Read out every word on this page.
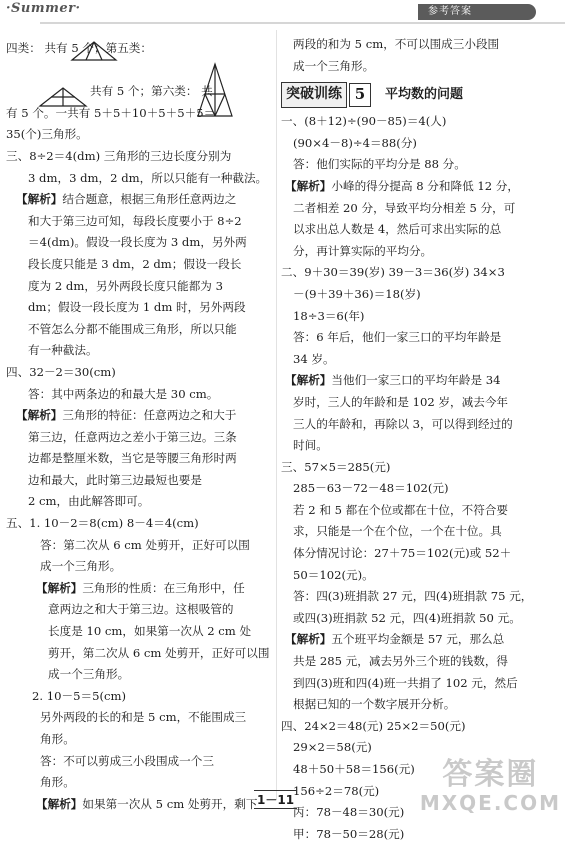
·Summer·	参考答案
四类： 共有 5 个；第五类：
共有 5 个；第六类： 共
有 5 个。一共有 5＋5＋10＋5＋5＋5＝
35(个)三角形。
三、8÷2＝4(dm) 三角形的三边长度分别为
3 dm，3 dm，2 dm，所以只能有一种截法。
【解析】结合题意，根据三角形任意两边之
和大于第三边可知，每段长度要小于 8÷2
＝4(dm)。假设一段长度为 3 dm，另外两
段长度只能是 3 dm，2 dm；假设一段长
度为 2 dm，另外两段长度只能都为 3
dm；假设一段长度为 1 dm 时，另外两段
不管怎么分都不能围成三角形，所以只能
有一种截法。
四、32－2＝30(cm)
答：其中两条边的和最大是 30 cm。
【解析】三角形的特征：任意两边之和大于
第三边，任意两边之差小于第三边。三条
边都是整厘米数，当它是等腰三角形时两
边和最大，此时第三边最短也要是
2 cm，由此解答即可。
五、1. 10－2＝8(cm) 8－4＝4(cm)
答：第二次从 6 cm 处剪开，正好可以围
成一个三角形。
【解析】三角形的性质：在三角形中，任
意两边之和大于第三边。这根吸管的
长度是 10 cm，如果第一次从 2 cm 处
剪开，第二次从 6 cm 处剪开，正好可以围
成一个三角形。
2. 10－5＝5(cm)
另外两段的长的和是 5 cm，不能围成三
角形。
答：不可以剪成三小段围成一个三
角形。
【解析】如果第一次从 5 cm 处剪开，剩下
两段的和为 5 cm，不可以围成三小段围
成一个三角形。
突破训练 5	平均数的问题
一、(8＋12)÷(90－85)＝4(人)
(90×4－8)÷4＝88(分)
答：他们实际的平均分是 88 分。
【解析】小峰的得分提高 8 分和降低 12 分，
二者相差 20 分，导致平均分相差 5 分，可
以求出总人数是 4，然后可求出实际的总
分，再计算实际的平均分。
二、9＋30＝39(岁) 39－3＝36(岁) 34×3
－(9＋39＋36)＝18(岁)
18÷3＝6(年)
答：6 年后，他们一家三口的平均年龄是
34 岁。
【解析】当他们一家三口的平均年龄是 34
岁时，三人的年龄和是 102 岁，减去今年
三人的年龄和，再除以 3，可以得到经过的
时间。
三、57×5＝285(元)
285－63－72－48＝102(元)
若 2 和 5 都在个位或都在十位，不符合要
求，只能是一个在个位，一个在十位。具
体分情况讨论：27＋75＝102(元)或 52＋
50＝102(元)。
答：四(3)班捐款 27 元，四(4)班捐款 75 元，
或四(3)班捐款 52 元，四(4)班捐款 50 元。
【解析】五个班平均金额是 57 元，那么总
共是 285 元，减去另外三个班的钱数，得
到四(3)班和四(4)班一共捐了 102 元，然后
根据已知的一个数字展开分析。
四、24×2＝48(元) 25×2＝50(元)
29×2＝58(元)
48＋50＋58＝156(元)
156÷2＝78(元)
丙：78－48＝30(元)
甲：78－50＝28(元)
1－11
答案圈
MXQE.COM
